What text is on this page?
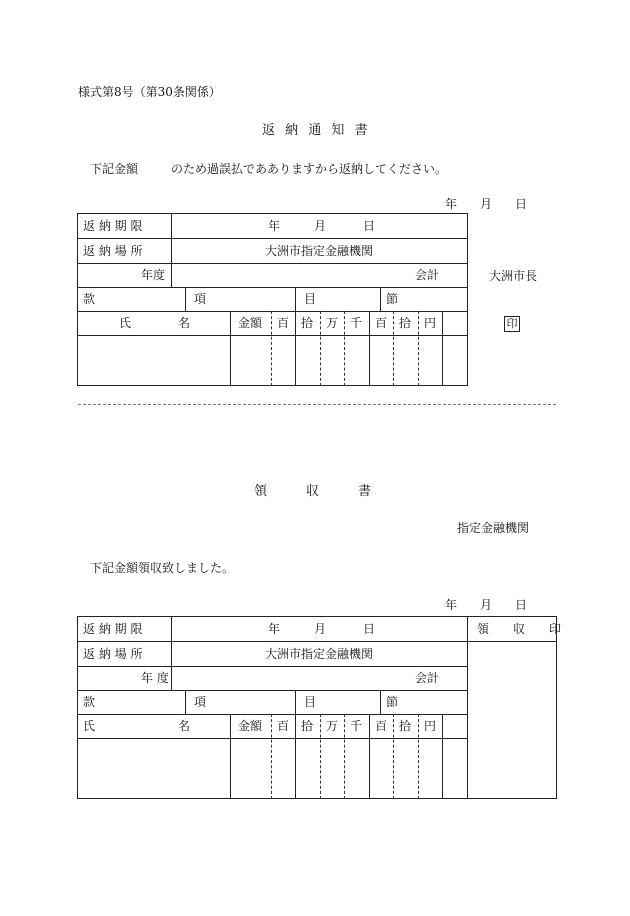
様式第8号（第30条関係）
返 納 通 知 書
下記金額	のため過誤払であありますから返納してください。
年 月 日
返 納 期 限	年	月	日
返 納 場 所	大洲市指定金融機関
年度	会計
款	項	目	節
氏	名	金額 百 拾 万 千 百 拾 円
大洲市長
印
領　　　収　　　書
指定金融機関
下記金額領収致しました。
年 月 日
返 納 期 限	年	月	日	領　　収　　印
返 納 場 所	大洲市指定金融機関
年 度	会計
款	項	目	節
氏	名	金額 百 拾 万 千 百 拾 円
